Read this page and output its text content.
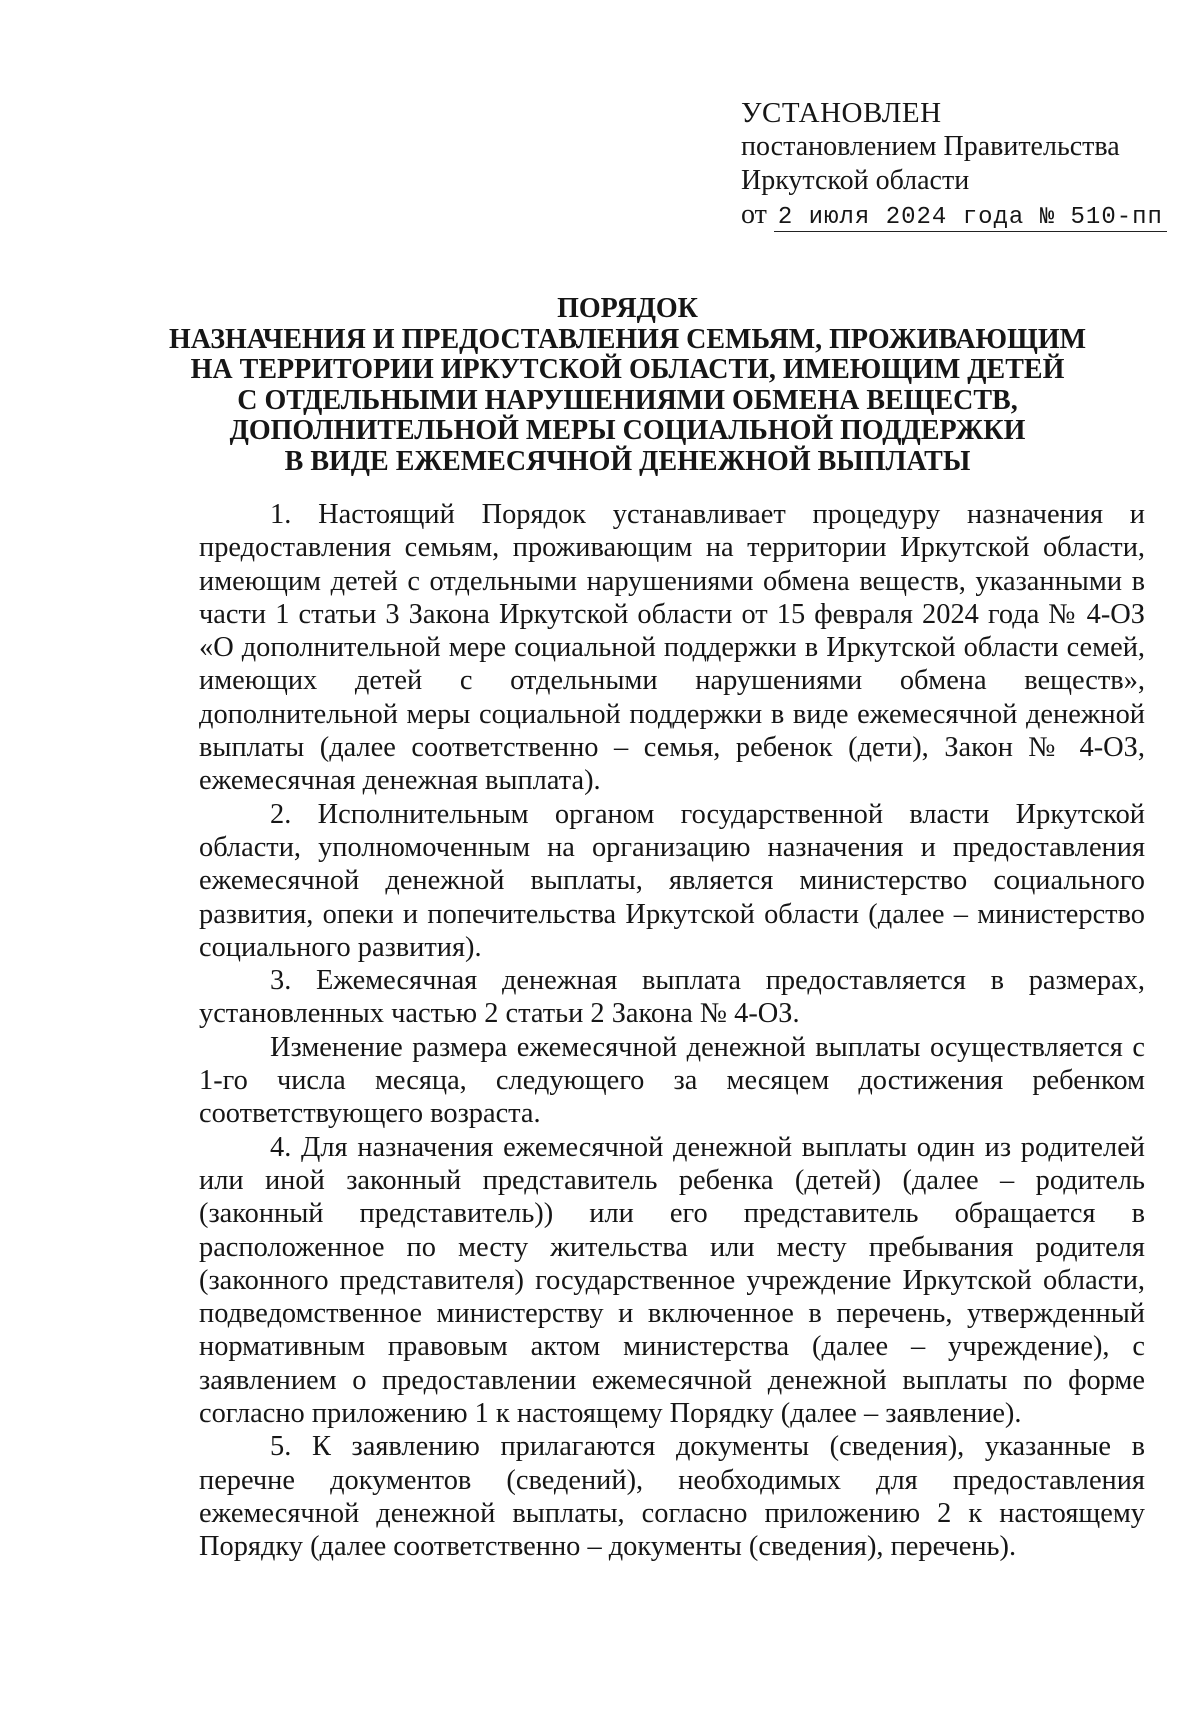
УСТАНОВЛЕН
постановлением Правительства
Иркутской области
от 2 июля 2024 года № 510-пп
ПОРЯДОК
НАЗНАЧЕНИЯ И ПРЕДОСТАВЛЕНИЯ СЕМЬЯМ, ПРОЖИВАЮЩИМ
НА ТЕРРИТОРИИ ИРКУТСКОЙ ОБЛАСТИ, ИМЕЮЩИМ ДЕТЕЙ
С ОТДЕЛЬНЫМИ НАРУШЕНИЯМИ ОБМЕНА ВЕЩЕСТВ,
ДОПОЛНИТЕЛЬНОЙ МЕРЫ СОЦИАЛЬНОЙ ПОДДЕРЖКИ
В ВИДЕ ЕЖЕМЕСЯЧНОЙ ДЕНЕЖНОЙ ВЫПЛАТЫ

1. Настоящий Порядок устанавливает процедуру назначения и предоставления семьям, проживающим на территории Иркутской области, имеющим детей с отдельными нарушениями обмена веществ, указанными в части 1 статьи 3 Закона Иркутской области от 15 февраля 2024 года № 4-ОЗ «О дополнительной мере социальной поддержки в Иркутской области семей, имеющих детей с отдельными нарушениями обмена веществ», дополнительной меры социальной поддержки в виде ежемесячной денежной выплаты (далее соответственно – семья, ребенок (дети), Закон № 4-ОЗ, ежемесячная денежная выплата).

2. Исполнительным органом государственной власти Иркутской области, уполномоченным на организацию назначения и предоставления ежемесячной денежной выплаты, является министерство социального развития, опеки и попечительства Иркутской области (далее – министерство социального развития).

3. Ежемесячная денежная выплата предоставляется в размерах, установленных частью 2 статьи 2 Закона № 4-ОЗ.

Изменение размера ежемесячной денежной выплаты осуществляется с 1-го числа месяца, следующего за месяцем достижения ребенком соответствующего возраста.

4. Для назначения ежемесячной денежной выплаты один из родителей или иной законный представитель ребенка (детей) (далее – родитель (законный представитель)) или его представитель обращается в расположенное по месту жительства или месту пребывания родителя (законного представителя) государственное учреждение Иркутской области, подведомственное министерству и включенное в перечень, утвержденный нормативным правовым актом министерства (далее – учреждение), с заявлением о предоставлении ежемесячной денежной выплаты по форме согласно приложению 1 к настоящему Порядку (далее – заявление).

5. К заявлению прилагаются документы (сведения), указанные в перечне документов (сведений), необходимых для предоставления ежемесячной денежной выплаты, согласно приложению 2 к настоящему Порядку (далее соответственно – документы (сведения), перечень).
